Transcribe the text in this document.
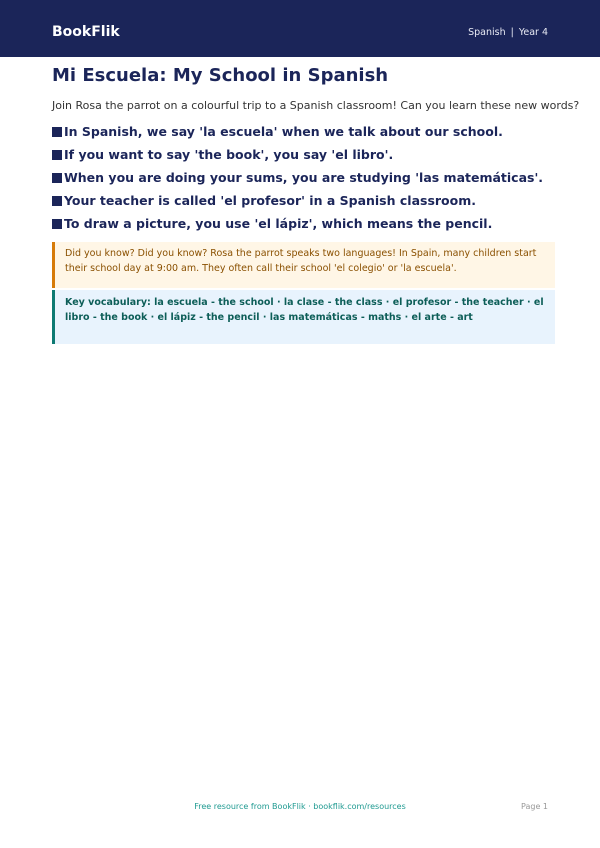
BookFlik	Spanish | Year 4
Mi Escuela: My School in Spanish

Join Rosa the parrot on a colourful trip to a Spanish classroom! Can you learn these new words?

In Spanish, we say 'la escuela' when we talk about our school.
If you want to say 'the book', you say 'el libro'.
When you are doing your sums, you are studying 'las matemáticas'.
Your teacher is called 'el profesor' in a Spanish classroom.
To draw a picture, you use 'el lápiz', which means the pencil.
Did you know? Did you know? Rosa the parrot speaks two languages! In Spain, many children start their school day at 9:00 am. They often call their school 'el colegio' or 'la escuela'.
Key vocabulary: la escuela - the school · la clase - the class · el profesor - the teacher · el libro - the book · el lápiz - the pencil · las matemáticas - maths · el arte - art
Free resource from BookFlik · bookflik.com/resources	Page 1
